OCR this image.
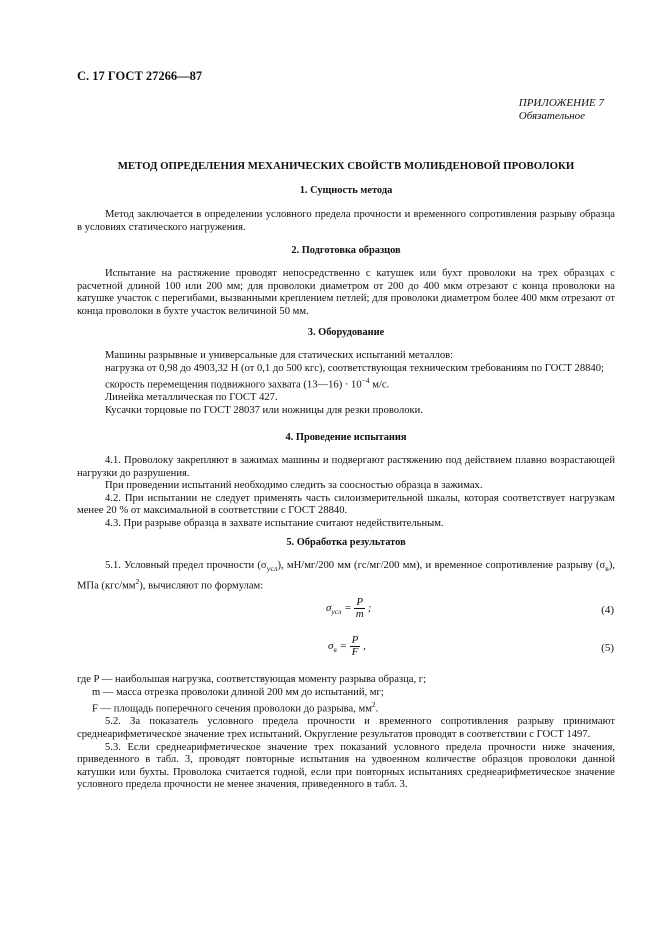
С. 17 ГОСТ 27266—87
ПРИЛОЖЕНИЕ 7
Обязательное
МЕТОД ОПРЕДЕЛЕНИЯ МЕХАНИЧЕСКИХ СВОЙСТВ МОЛИБДЕНОВОЙ ПРОВОЛОКИ
1. Сущность метода
Метод заключается в определении условного предела прочности и временного сопротивления разрыву образца в условиях статического нагружения.
2. Подготовка образцов
Испытание на растяжение проводят непосредственно с катушек или бухт проволоки на трех образцах с расчетной длиной 100 или 200 мм; для проволоки диаметром от 200 до 400 мкм отрезают с конца проволоки на катушке участок с перегибами, вызванными креплением петлей; для проволоки диаметром более 400 мкм отрезают от конца проволоки в бухте участок величиной 50 мм.
3. Оборудование

Машины разрывные и универсальные для статических испытаний металлов:

нагрузка от 0,98 до 4903,32 Н (от 0,1 до 500 кгс), соответствующая техническим требованиям по ГОСТ 28840;

скорость перемещения подвижного захвата (13—16) · $10^{-4}$ м/с.

Линейка металлическая по ГОСТ 427.

Кусачки торцовые по ГОСТ 28037 или ножницы для резки проволоки.

4. Проведение испытания

4.1. Проволоку закрепляют в зажимах машины и подвергают растяжению под действием плавно возрастающей нагрузки до разрушения.

При проведении испытаний необходимо следить за соосностью образца в зажимах.

4.2. При испытании не следует применять часть силоизмерительной шкалы, которая соответствует нагрузкам менее 20 % от максимальной в соответствии с ГОСТ 28840.

4.3. При разрыве образца в захвате испытание считают недействительным.

5. Обработка результатов
5.1. Условный предел прочности $(\sigma_{усл})$, мН/мг/200 мм (гс/мг/200 мм), и временное сопротивление разрыву $(\sigma_в)$, МПа $(кгс/мм^2)$, вычисляют по формулам:
$\sigma_{усл} = \frac{P}{m}$ ;	(4)
$\sigma_в = \frac{P}{F}$ ,	(5)

где P — наибольшая нагрузка, соответствующая моменту разрыва образца, г;

m — масса отрезка проволоки длиной 200 мм до испытаний, мг;

F — площадь поперечного сечения проволоки до разрыва, $мм^2$.

5.2. За показатель условного предела прочности и временного сопротивления разрыву принимают среднеарифметическое значение трех испытаний. Округление результатов проводят в соответствии с ГОСТ 1497.

5.3. Если среднеарифметическое значение трех показаний условного предела прочности ниже значения, приведенного в табл. 3, проводят повторные испытания на удвоенном количестве образцов проволоки данной катушки или бухты. Проволока считается годной, если при повторных испытаниях среднеарифметическое значение условного предела прочности не менее значения, приведенного в табл. 3.
